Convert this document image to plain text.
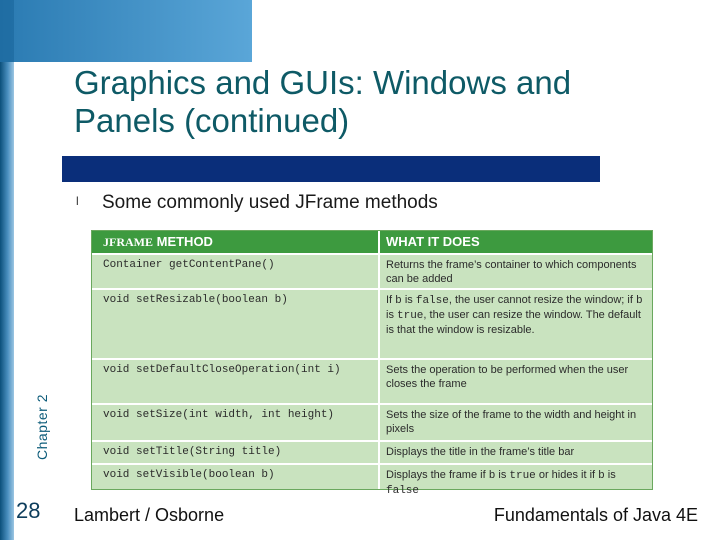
Graphics and GUIs: Windows and
Panels (continued)
Chapter 2
28
l Some commonly used JFrame methods
JFRAME METHOD	WHAT IT DOES
Container getContentPane()	Returns the frame’s container to which components can be added
void setResizable(boolean b)	If b is false, the user cannot resize the window; if b is true, the user can resize the window. The default is that the window is resizable.
void setDefaultCloseOperation(int i)	Sets the operation to be performed when the user closes the frame
void setSize(int width, int height)	Sets the size of the frame to the width and height in pixels
void setTitle(String title)	Displays the title in the frame’s title bar
void setVisible(boolean b)	Displays the frame if b is true or hides it if b is false
Lambert / Osborne	Fundamentals of Java 4E
